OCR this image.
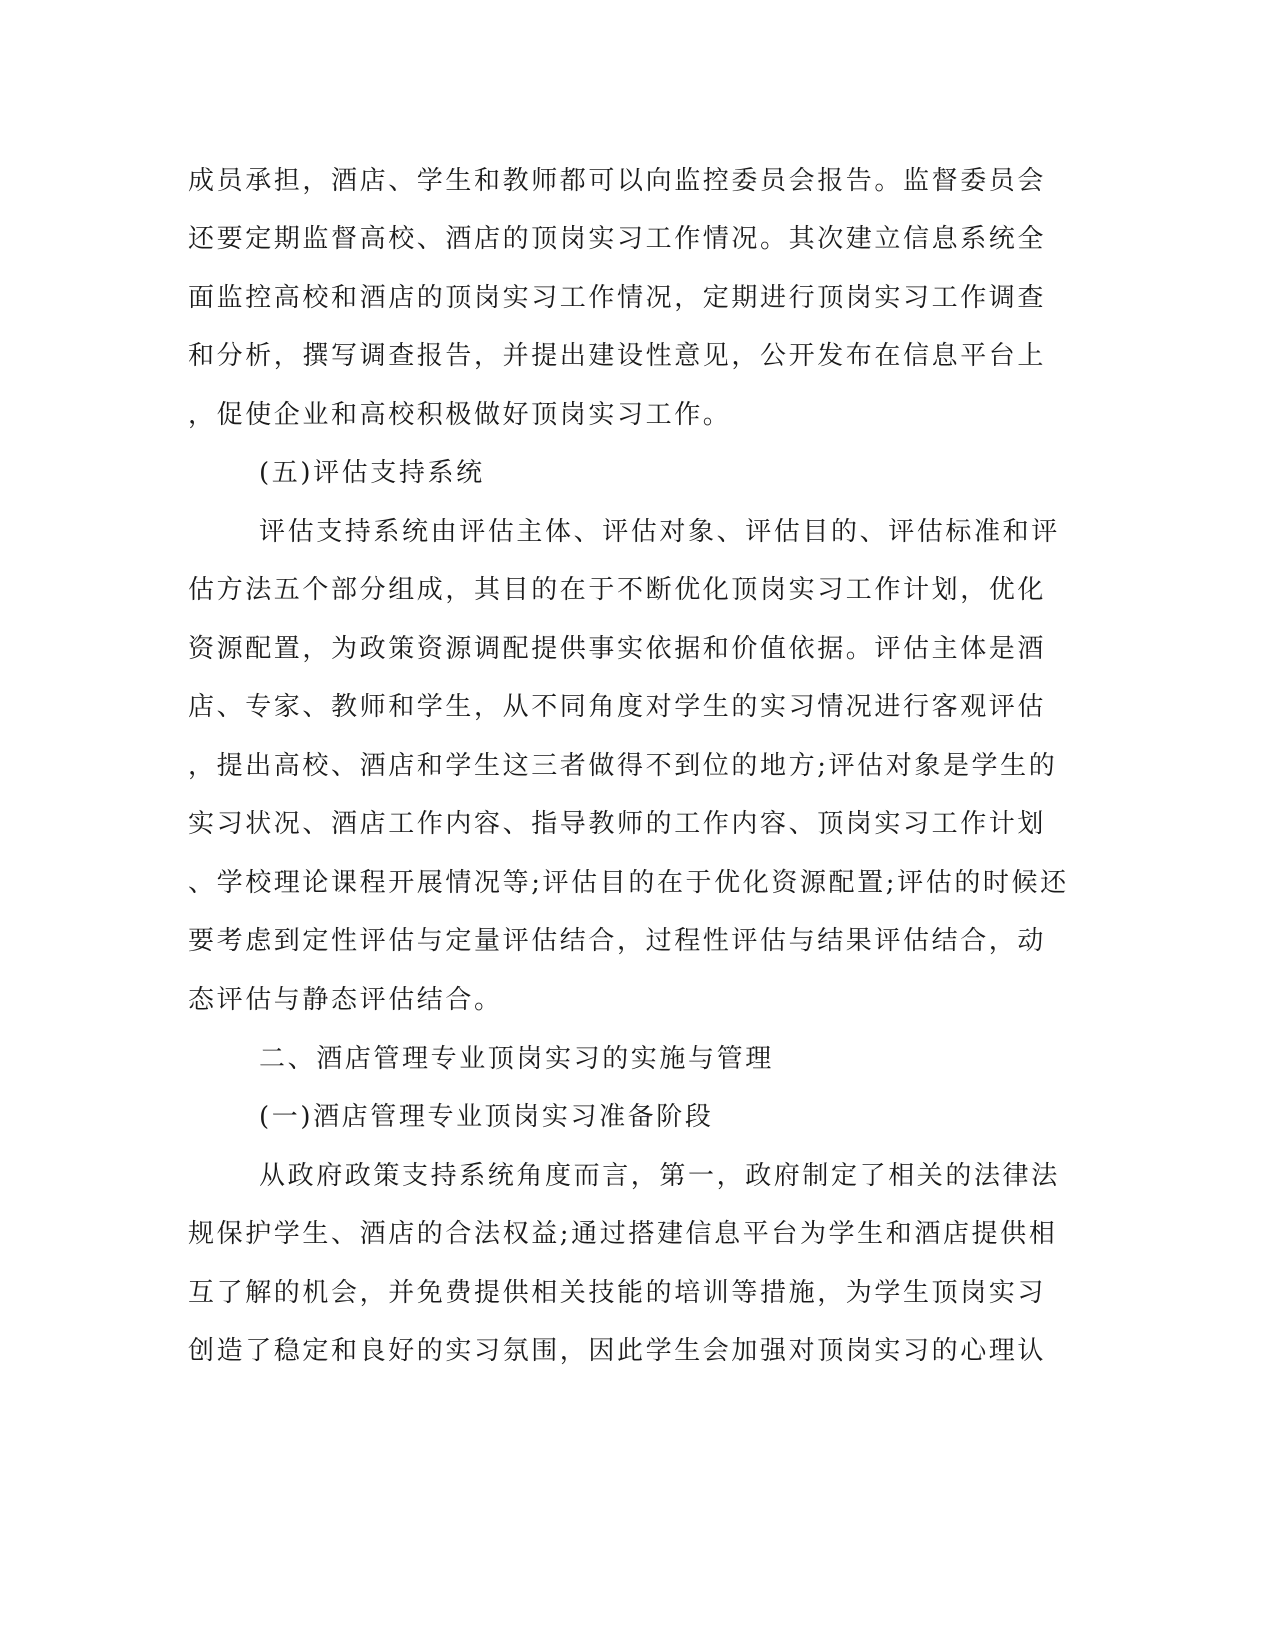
成员承担，酒店、学生和教师都可以向监控委员会报告。监督委员会
还要定期监督高校、酒店的顶岗实习工作情况。其次建立信息系统全
面监控高校和酒店的顶岗实习工作情况，定期进行顶岗实习工作调查
和分析，撰写调查报告，并提出建设性意见，公开发布在信息平台上
，促使企业和高校积极做好顶岗实习工作。
(五)评估支持系统
评估支持系统由评估主体、评估对象、评估目的、评估标准和评
估方法五个部分组成，其目的在于不断优化顶岗实习工作计划，优化
资源配置，为政策资源调配提供事实依据和价值依据。评估主体是酒
店、专家、教师和学生，从不同角度对学生的实习情况进行客观评估
，提出高校、酒店和学生这三者做得不到位的地方;评估对象是学生的
实习状况、酒店工作内容、指导教师的工作内容、顶岗实习工作计划
、学校理论课程开展情况等;评估目的在于优化资源配置;评估的时候还
要考虑到定性评估与定量评估结合，过程性评估与结果评估结合，动
态评估与静态评估结合。
二、酒店管理专业顶岗实习的实施与管理
(一)酒店管理专业顶岗实习准备阶段
从政府政策支持系统角度而言，第一，政府制定了相关的法律法
规保护学生、酒店的合法权益;通过搭建信息平台为学生和酒店提供相
互了解的机会，并免费提供相关技能的培训等措施，为学生顶岗实习
创造了稳定和良好的实习氛围，因此学生会加强对顶岗实习的心理认
